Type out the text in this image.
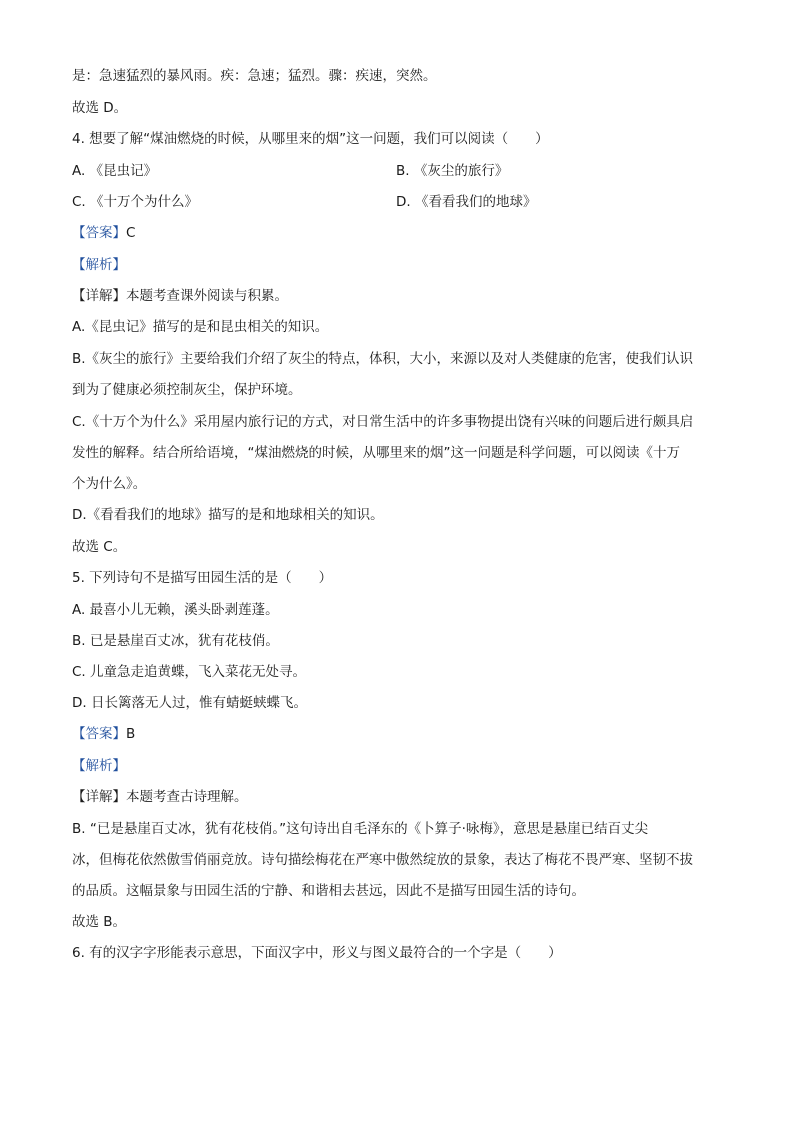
是：急速猛烈的暴风雨。疾：急速；猛烈。骤：疾速，突然。
故选 D。
4. 想要了解“煤油燃烧的时候，从哪里来的烟”这一问题，我们可以阅读（　　）
A. 《昆虫记》	B. 《灰尘的旅行》
C. 《十万个为什么》	D. 《看看我们的地球》
【答案】C
【解析】
【详解】本题考查课外阅读与积累。
A.《昆虫记》描写的是和昆虫相关的知识。
B.《灰尘的旅行》主要给我们介绍了灰尘的特点，体积，大小，来源以及对人类健康的危害，使我们认识
到为了健康必须控制灰尘，保护环境。
C.《十万个为什么》采用屋内旅行记的方式，对日常生活中的许多事物提出饶有兴味的问题后进行颇具启
发性的解释。结合所给语境，“煤油燃烧的时候，从哪里来的烟”这一问题是科学问题，可以阅读《十万
个为什么》。
D.《看看我们的地球》描写的是和地球相关的知识。
故选 C。
5. 下列诗句不是描写田园生活的是（　　）
A. 最喜小儿无赖，溪头卧剥莲蓬。
B. 已是悬崖百丈冰，犹有花枝俏。
C. 儿童急走追黄蝶，飞入菜花无处寻。
D. 日长篱落无人过，惟有蜻蜓蛱蝶飞。
【答案】B
【解析】
【详解】本题考查古诗理解。
B. “已是悬崖百丈冰，犹有花枝俏。”这句诗出自毛泽东的《卜算子·咏梅》，意思是悬崖已结百丈尖
冰，但梅花依然傲雪俏丽竞放。诗句描绘梅花在严寒中傲然绽放的景象，表达了梅花不畏严寒、坚韧不拔
的品质。这幅景象与田园生活的宁静、和谐相去甚远，因此不是描写田园生活的诗句。
故选 B。
6. 有的汉字字形能表示意思，下面汉字中，形义与图义最符合的一个字是（　　）
